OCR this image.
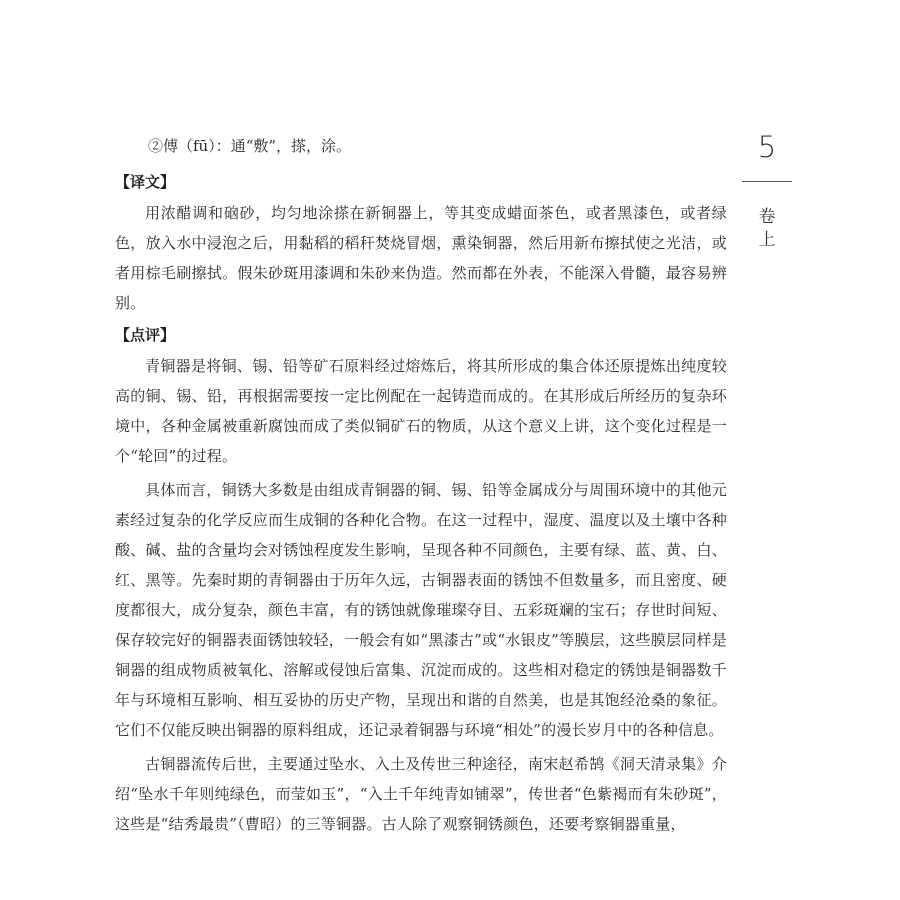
5
卷
上
②傅（fū）：通“敷”，搽，涂。
【译文】

用浓醋调和硇砂，均匀地涂搽在新铜器上，等其变成蜡面茶色，或者黑漆色，或者绿色，放入水中浸泡之后，用黏稻的稻秆焚烧冒烟，熏染铜器，然后用新布擦拭使之光洁，或者用棕毛刷擦拭。假朱砂斑用漆调和朱砂来伪造。然而都在外表，不能深入骨髓，最容易辨别。

【点评】

青铜器是将铜、锡、铅等矿石原料经过熔炼后，将其所形成的集合体还原提炼出纯度较高的铜、锡、铅，再根据需要按一定比例配在一起铸造而成的。在其形成后所经历的复杂环境中，各种金属被重新腐蚀而成了类似铜矿石的物质，从这个意义上讲，这个变化过程是一个“轮回”的过程。

具体而言，铜锈大多数是由组成青铜器的铜、锡、铅等金属成分与周围环境中的其他元素经过复杂的化学反应而生成铜的各种化合物。在这一过程中，湿度、温度以及土壤中各种酸、碱、盐的含量均会对锈蚀程度发生影响，呈现各种不同颜色，主要有绿、蓝、黄、白、红、黑等。先秦时期的青铜器由于历年久远，古铜器表面的锈蚀不但数量多，而且密度、硬度都很大，成分复杂，颜色丰富，有的锈蚀就像璀璨夺目、五彩斑斓的宝石；存世时间短、保存较完好的铜器表面锈蚀较轻，一般会有如“黑漆古”或“水银皮”等膜层，这些膜层同样是铜器的组成物质被氧化、溶解或侵蚀后富集、沉淀而成的。这些相对稳定的锈蚀是铜器数千年与环境相互影响、相互妥协的历史产物，呈现出和谐的自然美，也是其饱经沧桑的象征。它们不仅能反映出铜器的原料组成，还记录着铜器与环境“相处”的漫长岁月中的各种信息。

古铜器流传后世，主要通过坠水、入土及传世三种途径，南宋赵希鹄《洞天清录集》介绍“坠水千年则纯绿色，而莹如玉”，“入土千年纯青如铺翠”，传世者“色紫褐而有朱砂斑”，这些是“结秀最贵”（曹昭）的三等铜器。古人除了观察铜锈颜色，还要考察铜器重量，
